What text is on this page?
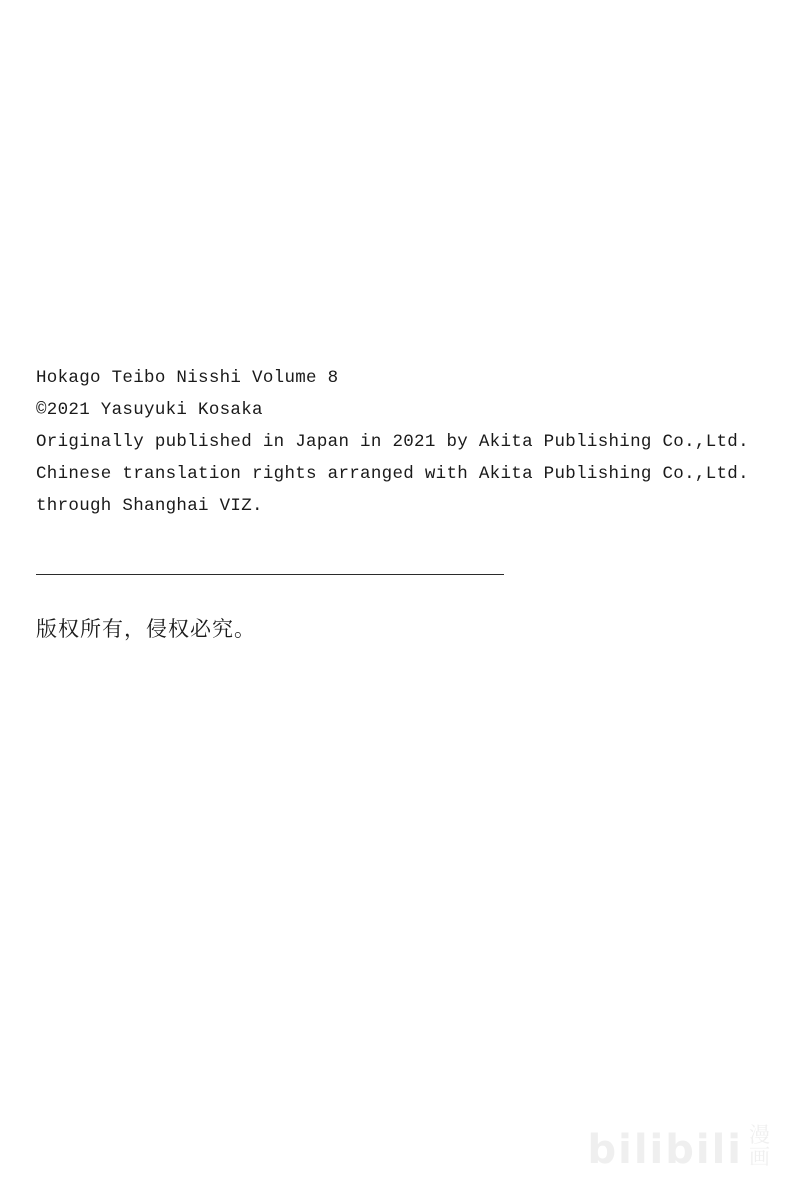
Hokago Teibo Nisshi Volume 8
©2021 Yasuyuki Kosaka
Originally published in Japan in 2021 by Akita Publishing Co.,Ltd.
Chinese translation rights arranged with Akita Publishing Co.,Ltd.
through Shanghai VIZ.
版权所有，侵权必究。
bilibili 漫
画
